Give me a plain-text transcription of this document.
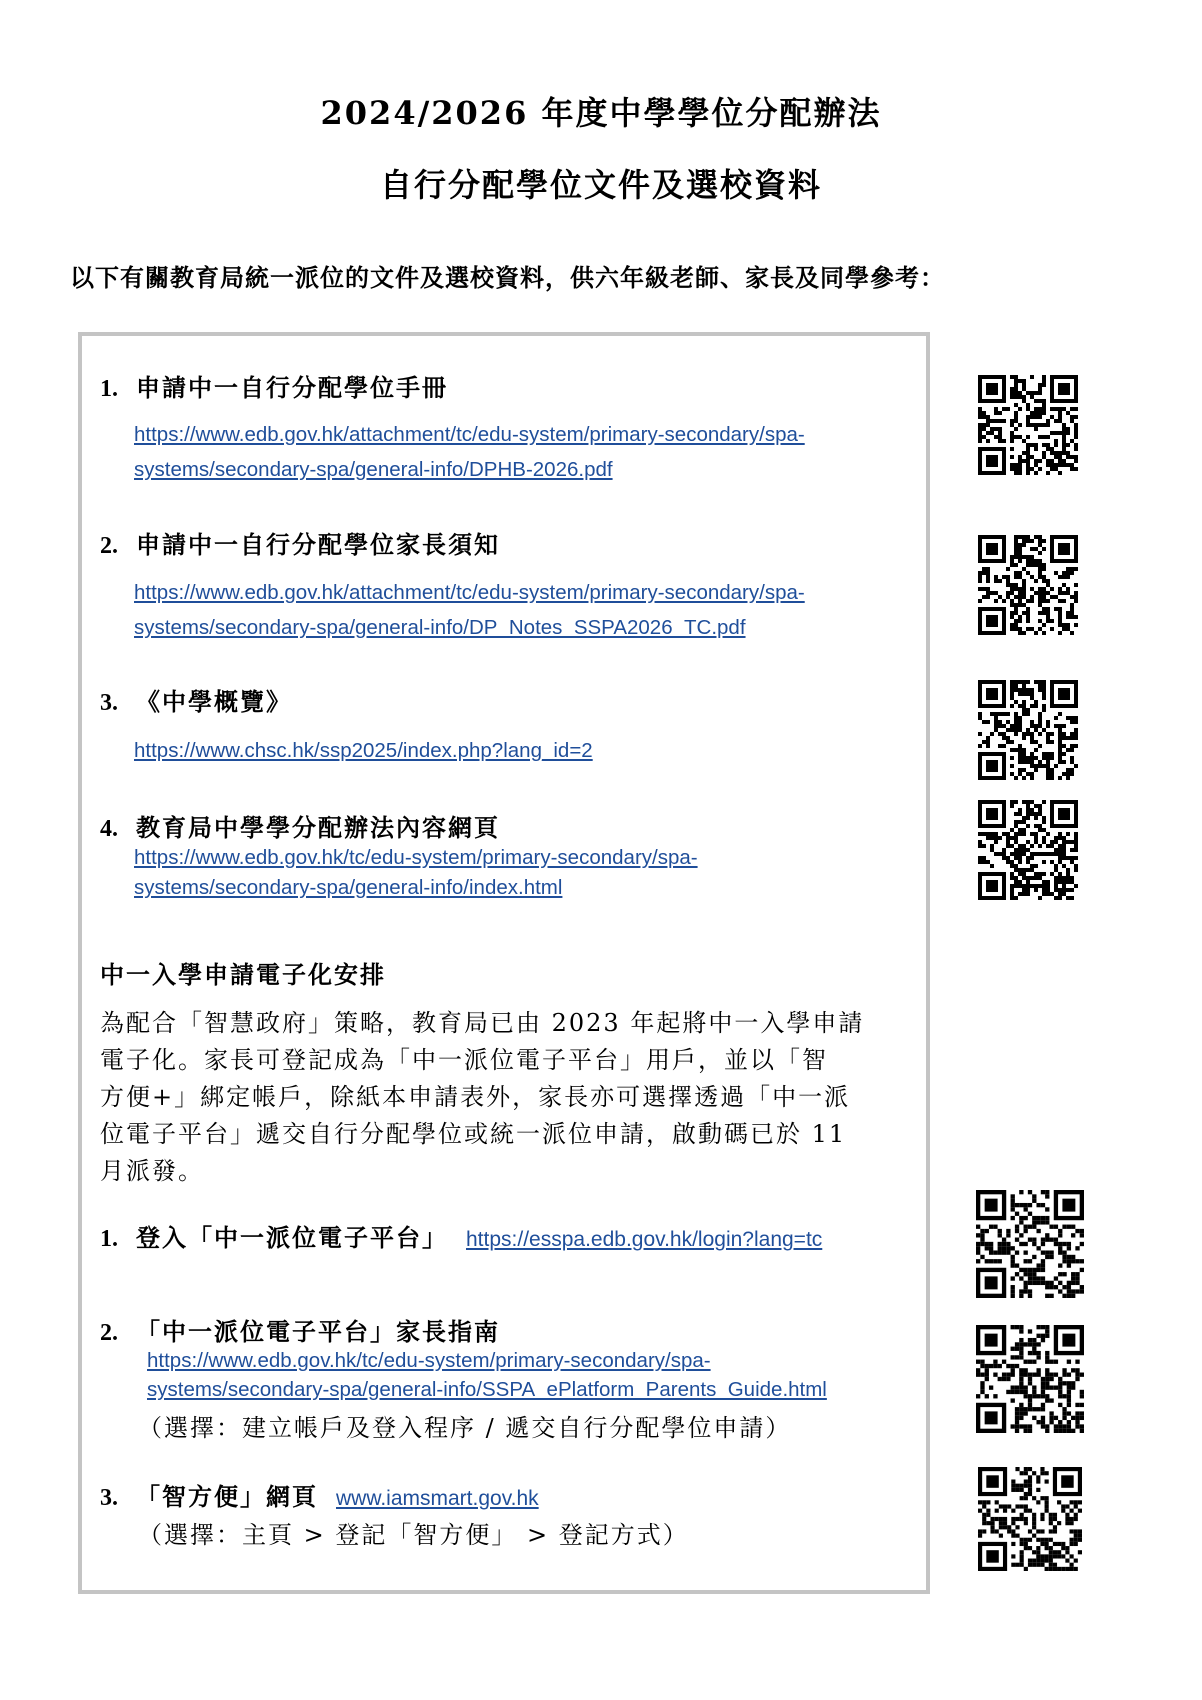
2024/2026 年度中學學位分配辦法
自行分配學位文件及選校資料
以下有關教育局統一派位的文件及選校資料，供六年級老師、家長及同學參考：
1. 申請中一自行分配學位手冊
https://www.edb.gov.hk/attachment/tc/edu-system/primary-secondary/spa-
systems/secondary-spa/general-info/DPHB-2026.pdf
2. 申請中一自行分配學位家長須知
https://www.edb.gov.hk/attachment/tc/edu-system/primary-secondary/spa-
systems/secondary-spa/general-info/DP_Notes_SSPA2026_TC.pdf
3. 《中學概覽》
https://www.chsc.hk/ssp2025/index.php?lang_id=2
4. 教育局中學學分配辦法內容網頁
https://www.edb.gov.hk/tc/edu-system/primary-secondary/spa-
systems/secondary-spa/general-info/index.html
中一入學申請電子化安排
為配合「智慧政府」策略，教育局已由 2023 年起將中一入學申請
電子化。家長可登記成為「中一派位電子平台」用戶，並以「智
方便+」綁定帳戶，除紙本申請表外，家長亦可選擇透過「中一派
位電子平台」遞交自行分配學位或統一派位申請，啟動碼已於 11
月派發。
1. 登入「中一派位電子平台」 https://esspa.edb.gov.hk/login?lang=tc
2. 「中一派位電子平台」家長指南
https://www.edb.gov.hk/tc/edu-system/primary-secondary/spa-
systems/secondary-spa/general-info/SSPA_ePlatform_Parents_Guide.html
（選擇：建立帳戶及登入程序 / 遞交自行分配學位申請）
3. 「智方便」網頁 www.iamsmart.gov.hk
（選擇：主頁 > 登記「智方便」 > 登記方式）
